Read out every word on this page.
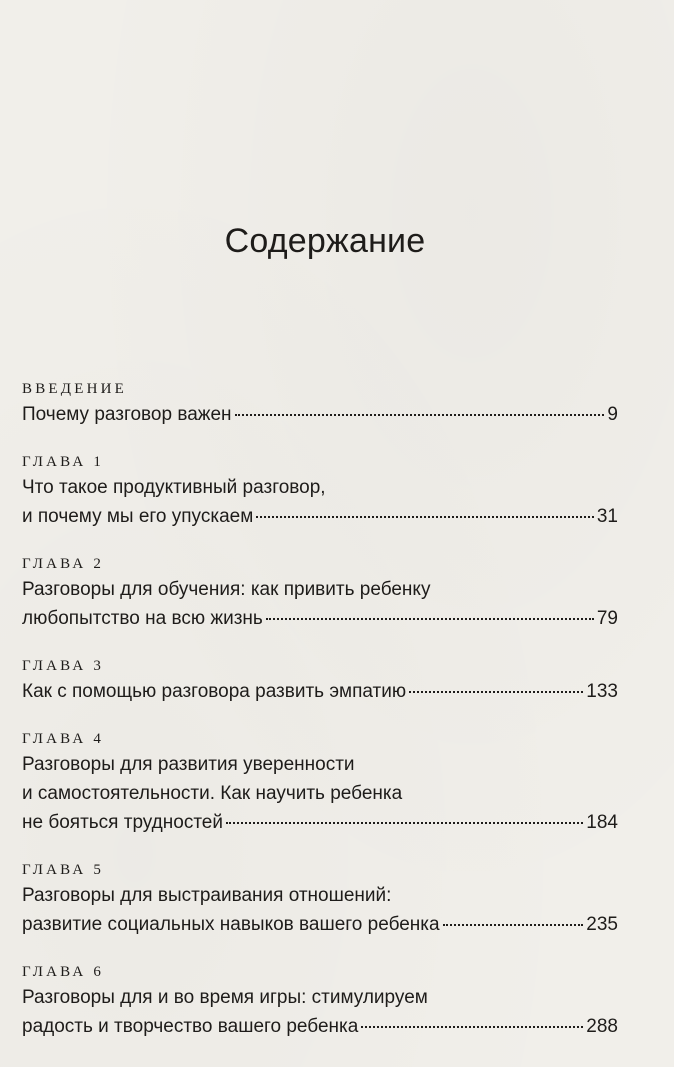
Содержание
ВВЕДЕНИЕ
Почему разговор важен	9
ГЛАВА 1
Что такое продуктивный разговор,
и почему мы его упускаем	31
ГЛАВА 2
Разговоры для обучения: как привить ребенку
любопытство на всю жизнь	79
ГЛАВА 3
Как с помощью разговора развить эмпатию	133
ГЛАВА 4
Разговоры для развития уверенности
и самостоятельности. Как научить ребенка
не бояться трудностей	184
ГЛАВА 5
Разговоры для выстраивания отношений:
развитие социальных навыков вашего ребенка	235
ГЛАВА 6
Разговоры для и во время игры: стимулируем
радость и творчество вашего ребенка	288
